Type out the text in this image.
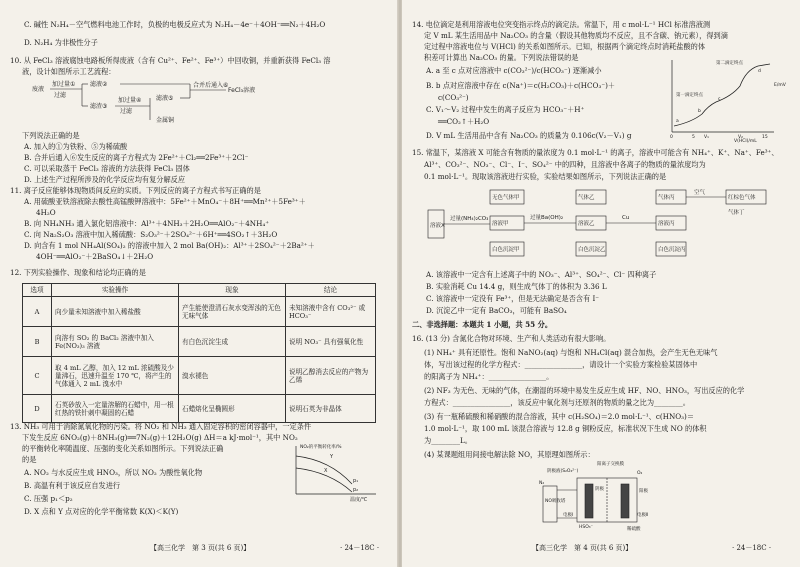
C. 碱性 N₂H₄－空气燃料电池工作时，负极的电极反应式为 N₂H₄－4e⁻＋4OH⁻══N₂＋4H₂O
D. N₂H₄ 为非极性分子
10. 从 FeCl₃ 溶液腐蚀电路板所得废液（含有 Cu²⁺、Fe²⁺、Fe³⁺）中回收铜，并重新获得 FeCl₃ 溶
液，设计如图所示工艺流程：
废液
加过量①
过滤
滤液②
滤渣③
加过量④
过滤
滤液⑤
金属铜
合并后通入⑥
FeCl₃溶液
下列说法正确的是
A. 加入的①为铁粉、⑤为稀硫酸
B. 合并后通入⑥发生反应的离子方程式为 2Fe²⁺＋Cl₂══2Fe³⁺＋2Cl⁻
C. 可以采取蒸干 FeCl₃ 溶液的方法获得 FeCl₃ 固体
D. 上述生产过程所涉及的化学反应均有复分解反应
11. 离子反应能够体现物质间反应的实质。下列反应的离子方程式书写正确的是
A. 用硫酸亚铁溶液除去酸性高锰酸钾溶液中：5Fe²⁺＋MnO₄⁻＋8H⁺══Mn²⁺＋5Fe³⁺＋
4H₂O
B. 向 NH₄NH₃ 通入氯化铝溶液中：Al³⁺＋4NH₃＋2H₂O══AlO₂⁻＋4NH₄⁺
C. 向 Na₂S₂O₃ 溶液中加入稀硫酸：S₂O₃²⁻＋2SO₄²⁻＋6H⁺══4SO₂↑＋3H₂O
D. 向含有 1 mol NH₄Al(SO₄)₂ 的溶液中加入 2 mol Ba(OH)₂：Al³⁺＋2SO₄²⁻＋2Ba²⁺＋
4OH⁻══AlO₂⁻＋2BaSO₄↓＋2H₂O
12. 下列实验操作、现象和结论均正确的是
选项	实验操作	现象	结论
A	向少量未知溶液中加入稀盐酸	产生能使澄清石灰水变浑浊的无色无味气体	未知溶液中含有 CO₃²⁻ 或 HCO₃⁻
B	向溶有 SO₂ 的 BaCl₂ 溶液中加入 Fe(NO₃)₃ 溶液	有白色沉淀生成	说明 NO₃⁻ 具有强氧化性
C	取 4 mL 乙醇，加入 12 mL 浓硫酸及少量沸石，迅速升温至 170 ℃，将产生的气体通入 2 mL 溴水中	溴水褪色	说明乙醇消去反应的产物为乙烯
D	石英砂放入一定量溶解的石蜡中，用一根红热的铁针刺中凝固的石蜡	石蜡熔化呈椭圆形	说明石英为非晶体
13. NH₃ 可用于消除氮氧化物的污染。将 NO₂ 和 NH₃ 通入固定容积的密闭容器中，一定条件
下发生反应 6NO₂(g)＋8NH₃(g)══7N₂(g)＋12H₂O(g) ΔH＝a kJ·mol⁻¹，其中 NO₂
的平衡转化率随温度、压强的变化关系如图所示。下列说法正确
的是
A. NO₂ 与水反应生成 HNO₃，所以 NO₂ 为酸性氧化物
B. 高温有利于该反应自发进行
C. 压强 p₁＜p₂
D. X 点和 Y 点对应的化学平衡常数 K(X)＜K(Y)
NO₂的平衡转化率/%
温度/℃
Y
X
p₁
p₂
【高三化学　第 3 页(共 6 页)】	· 24－18C ·
14. 电位滴定是利用溶液电位突变指示终点的滴定法。常温下，用 c mol·L⁻¹ HCl 标准溶液测
定 V mL 某生活用品中 Na₂CO₃ 的含量（假设其他物质均不反应，且不含碳、钠元素），得到滴
定过程中溶液电位与 V(HCl) 的关系如图所示。已知，根据两个滴定终点时消耗盐酸的体
积差可计算出 Na₂CO₃ 的量。下列说法错误的是
A. a 至 c 点对应溶液中 c(CO₃²⁻)/c(HCO₃⁻) 逐渐减小
B. b 点对应溶液中存在 c(Na⁺)＝c(H₂CO₃)＋c(HCO₃⁻)＋
c(CO₃²⁻)
C. V₁～V₂ 过程中发生的离子反应为 HCO₃⁻＋H⁺
══CO₂↑＋H₂O
D. V mL 生活用品中含有 Na₂CO₃ 的质量为 0.106c(V₂－V₁) g
第二滴定终点
第一滴定终点
E/mV
V(HCl)/mL
a
b
c
d
0	5 V₁	V₂	15
15. 常温下，某溶液 X 可能含有物质的量浓度为 0.1 mol·L⁻¹ 的离子，溶液中可能含有 NH₄⁺、K⁺、Na⁺、Fe³⁺、
Al³⁺、CO₃²⁻、NO₃⁻、Cl⁻、I⁻、SO₄²⁻ 中的四种，且溶液中各离子的物质的量浓度均为
0.1 mol·L⁻¹。现取该溶液进行实验，实验结果如图所示，下列说法正确的是
溶液X
过量(NH₄)₂CO₃
无色气体甲
溶液甲
白色沉淀甲
过量Ba(OH)₂
气体乙
溶液乙
白色沉淀乙
Cu
气体丙
溶液丙
白色沉淀丙
空气
红棕色气体
气体丁
A. 该溶液中一定含有上述离子中的 NO₃⁻、Al³⁺、SO₄²⁻、Cl⁻ 四种离子
B. 实验消耗 Cu 14.4 g，则生成气体丁的体积为 3.36 L
C. 该溶液中一定没有 Fe³⁺，但是无法确定是否含有 I⁻
D. 沉淀乙中一定有 BaCO₃，可能有 BaSO₄
二、非选择题：本题共 1 小题，共 55 分。
16. (13 分) 含氮化合物对环境、生产和人类活动有很大影响。
(1) NH₄⁺ 具有还原性。饱和 NaNO₂(aq) 与饱和 NH₄Cl(aq) 混合加热，会产生无色无味气
体，写出该过程的化学方程式：________________，请设计一个实验方案检验某固体中
的阳离子为 NH₄⁺：________________。
(2) NF₃ 为无色、无味的气体，在潮湿的环境中易发生反应生成 HF、NO、HNO₃，写出反应的化学
方程式：________________，该反应中氧化剂与还原剂的物质的量之比为________。
(3) 有一瓶稀硫酸和稀硝酸的混合溶液，其中 c(H₂SO₄)＝2.0 mol·L⁻¹、c(HNO₃)＝
1.0 mol·L⁻¹，取 100 mL 该混合溶液与 12.8 g 铜粉反应，标准状况下生成 NO 的体积
为________L。
(4) 某课题组用间接电解法除 NO，其原理如图所示：
阳离子交换膜
阴极液(S₂O₄²⁻)
N₂
NO吸收塔
阴极	阳极
O₂
HSO₃⁻	稀硫酸
电极Ⅰ	电极Ⅱ
【高三化学　第 4 页(共 6 页)】	· 24－18C ·
